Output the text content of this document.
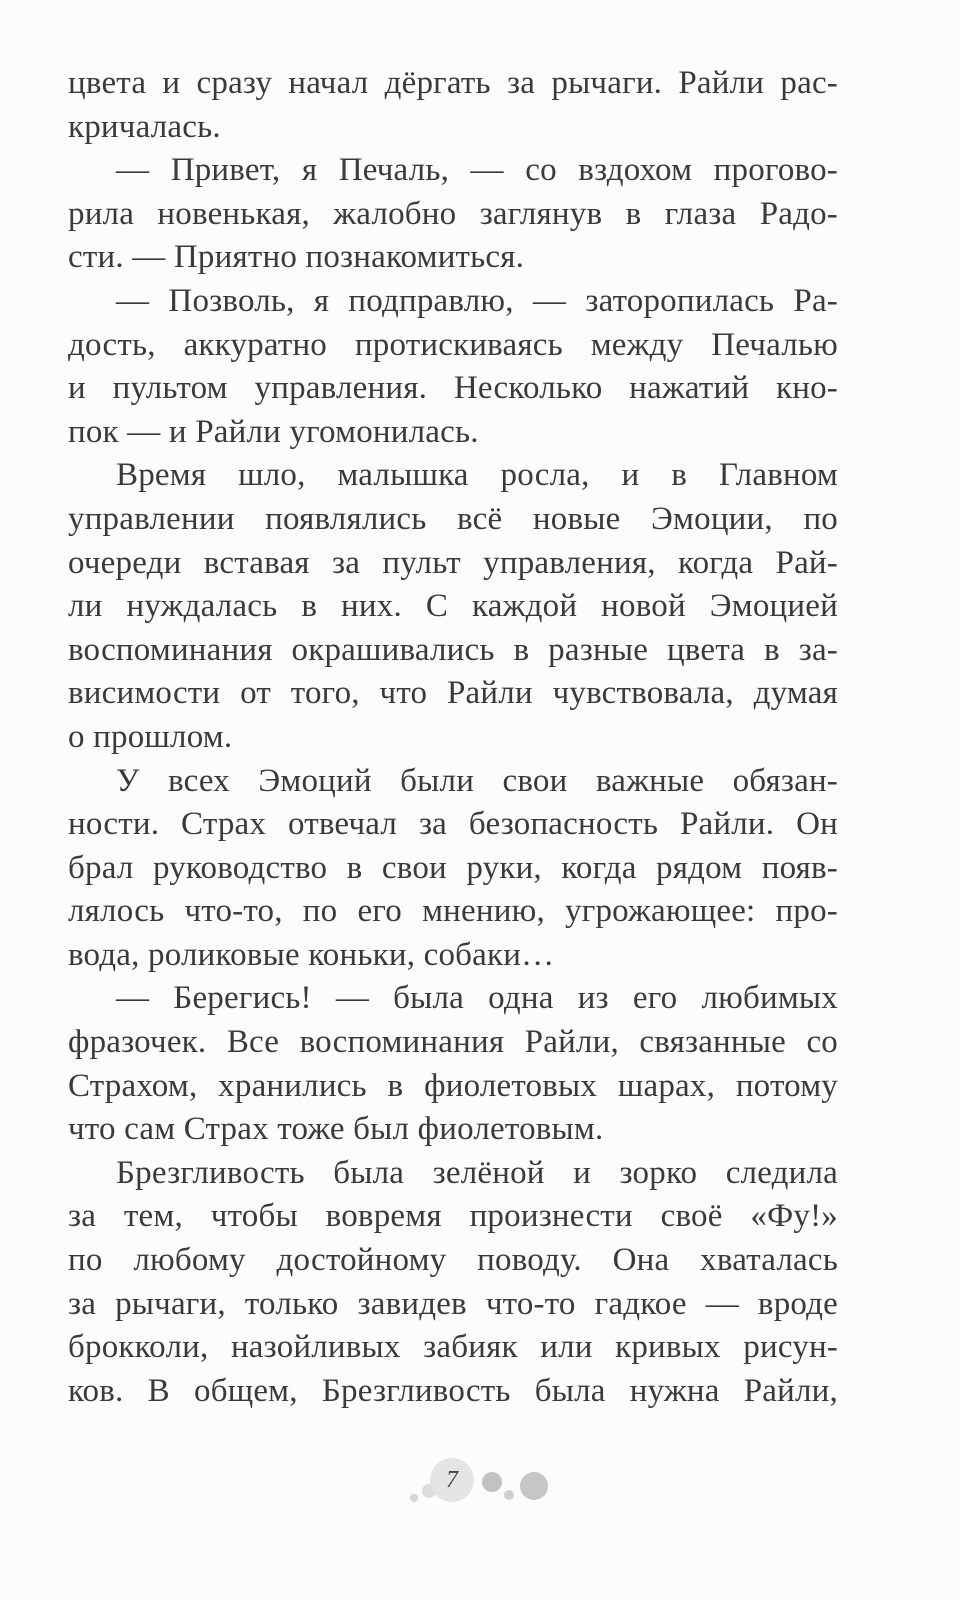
цвета и сразу начал дёргать за рычаги. Райли рас-
кричалась.
— Привет, я Печаль, — со вздохом прогово-
рила новенькая, жалобно заглянув в глаза Радо-
сти. — Приятно познакомиться.
— Позволь, я подправлю, — заторопилась Ра-
дость, аккуратно протискиваясь между Печалью
и пультом управления. Несколько нажатий кно-
пок — и Райли угомонилась.
Время шло, малышка росла, и в Главном
управлении появлялись всё новые Эмоции, по
очереди вставая за пульт управления, когда Рай-
ли нуждалась в них. С каждой новой Эмоцией
воспоминания окрашивались в разные цвета в за-
висимости от того, что Райли чувствовала, думая
о прошлом.
У всех Эмоций были свои важные обязан-
ности. Страх отвечал за безопасность Райли. Он
брал руководство в свои руки, когда рядом появ-
лялось что-то, по его мнению, угрожающее: про-
вода, роликовые коньки, собаки…
— Берегись! — была одна из его любимых
фразочек. Все воспоминания Райли, связанные со
Страхом, хранились в фиолетовых шарах, потому
что сам Страх тоже был фиолетовым.
Брезгливость была зелёной и зорко следила
за тем, чтобы вовремя произнести своё «Фу!»
по любому достойному поводу. Она хваталась
за рычаги, только завидев что-то гадкое — вроде
брокколи, назойливых забияк или кривых рисун-
ков. В общем, Брезгливость была нужна Райли,
7
